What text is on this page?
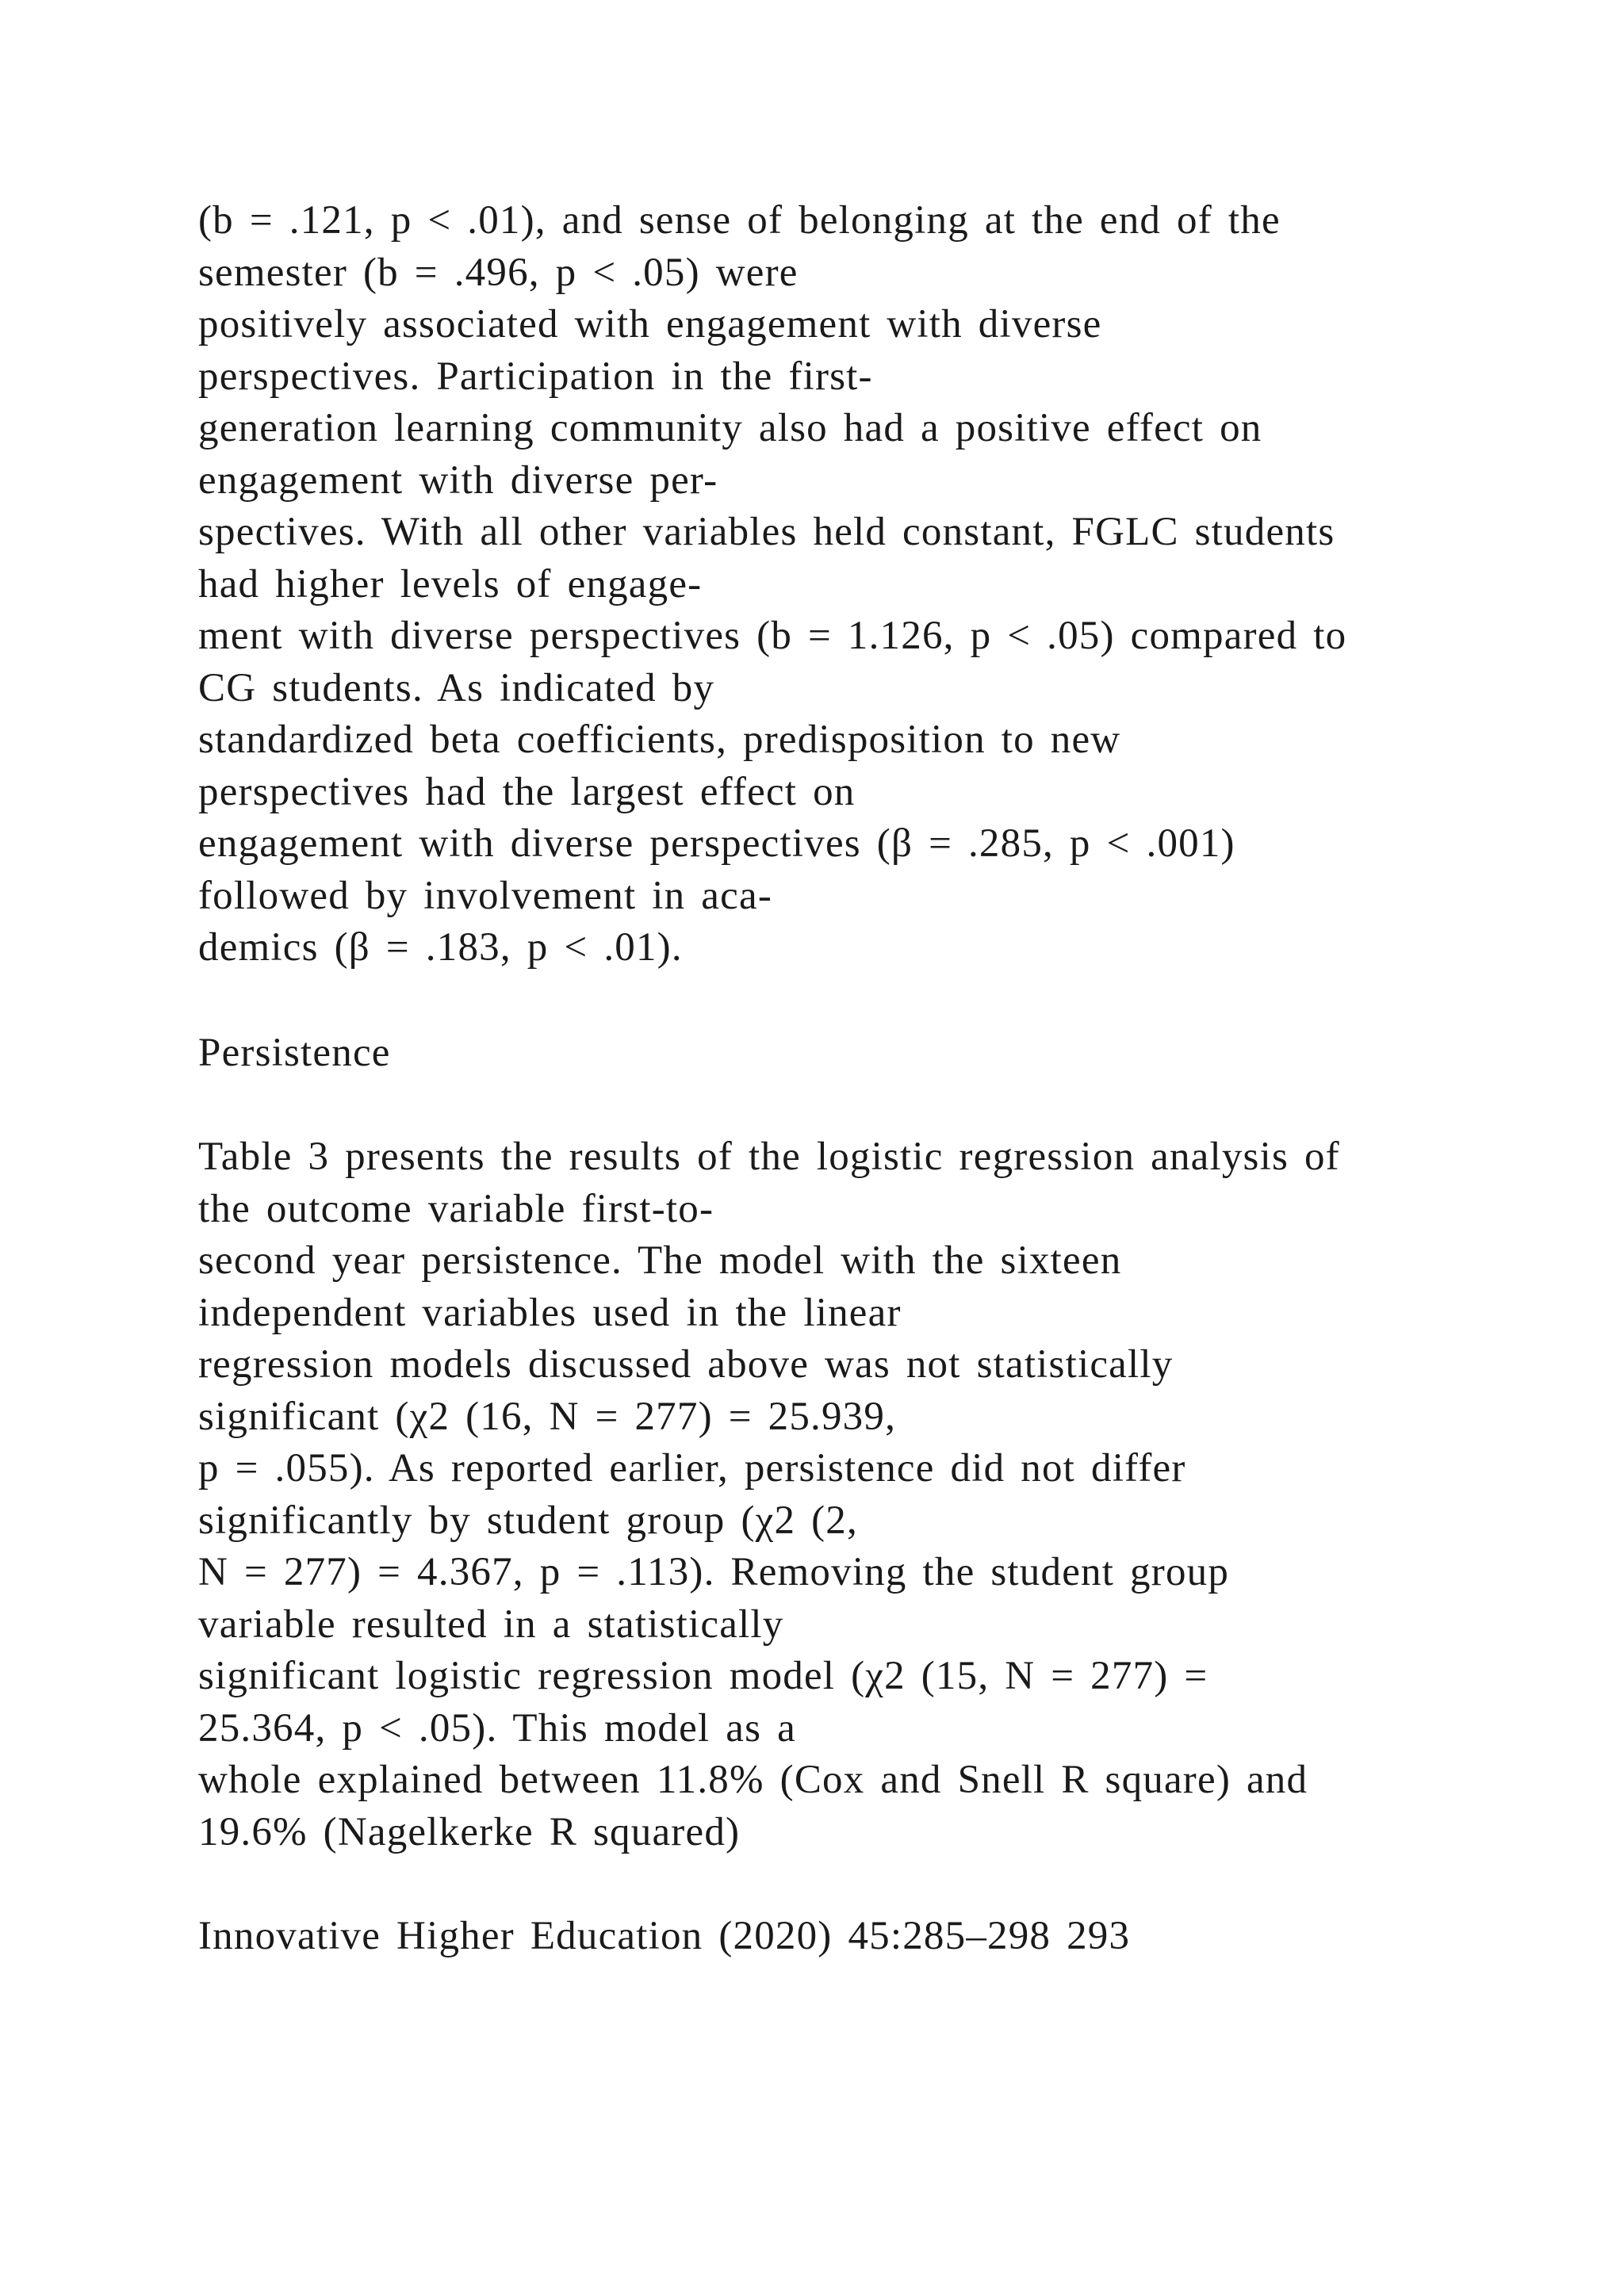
(b = .121, p < .01), and sense of belonging at the end of the
semester (b = .496, p < .05) were
positively associated with engagement with diverse
perspectives. Participation in the first-
generation learning community also had a positive effect on
engagement with diverse per-
spectives. With all other variables held constant, FGLC students
had higher levels of engage-
ment with diverse perspectives (b = 1.126, p < .05) compared to
CG students. As indicated by
standardized beta coefficients, predisposition to new
perspectives had the largest effect on
engagement with diverse perspectives (β = .285, p < .001)
followed by involvement in aca-
demics (β = .183, p < .01).
Persistence
Table 3 presents the results of the logistic regression analysis of
the outcome variable first-to-
second year persistence. The model with the sixteen
independent variables used in the linear
regression models discussed above was not statistically
significant (χ2 (16, N = 277) = 25.939,
p = .055). As reported earlier, persistence did not differ
significantly by student group (χ2 (2,
N = 277) = 4.367, p = .113). Removing the student group
variable resulted in a statistically
significant logistic regression model (χ2 (15, N = 277) =
25.364, p < .05). This model as a
whole explained between 11.8% (Cox and Snell R square) and
19.6% (Nagelkerke R squared)
Innovative Higher Education (2020) 45:285–298 293
